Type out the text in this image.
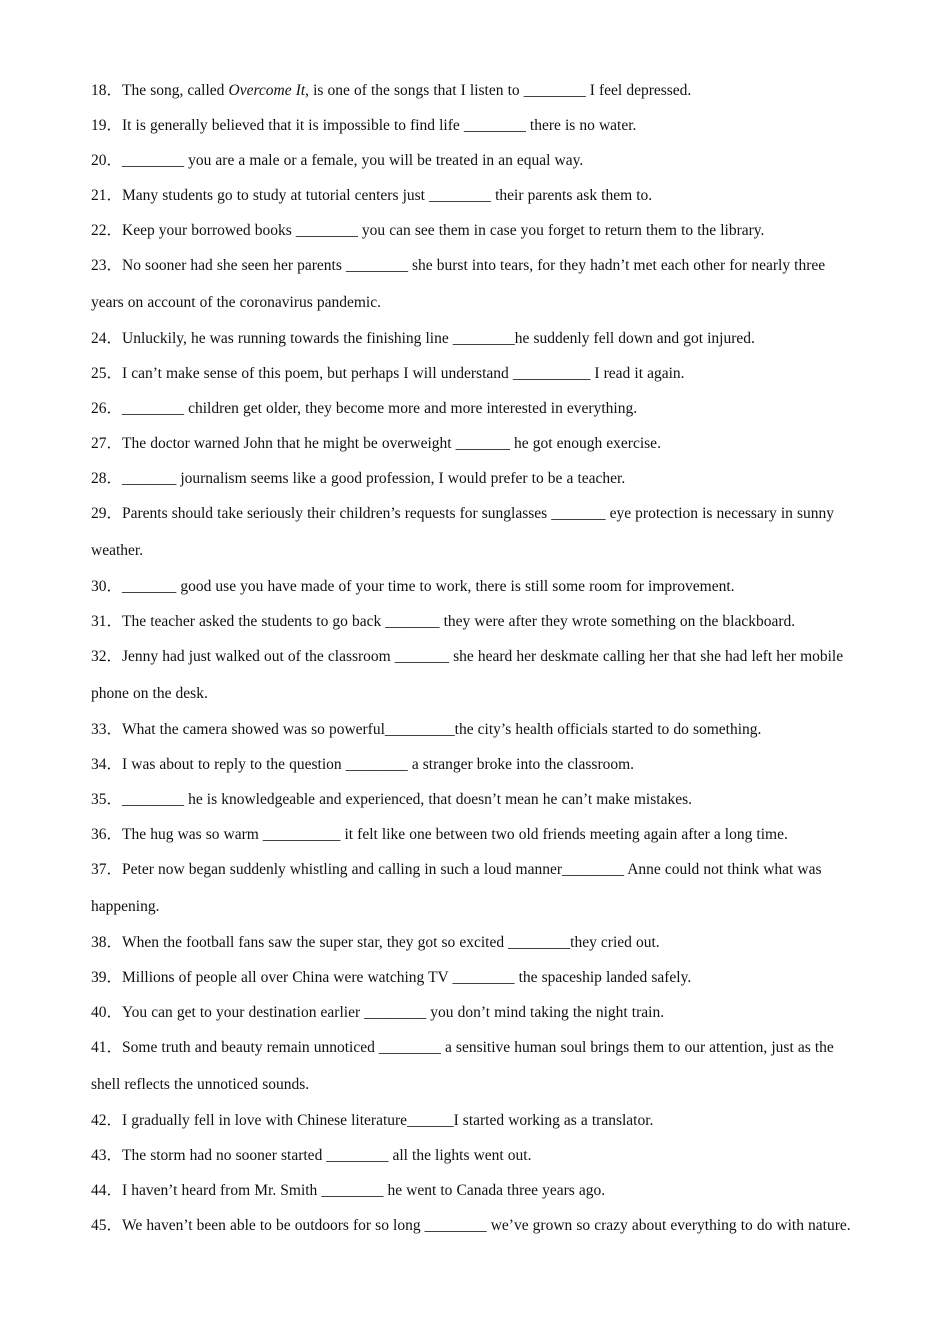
18．The song, called Overcome It, is one of the songs that I listen to ________ I feel depressed.
19．It is generally believed that it is impossible to find life ________ there is no water.
20．________ you are a male or a female, you will be treated in an equal way.
21．Many students go to study at tutorial centers just ________ their parents ask them to.
22．Keep your borrowed books ________ you can see them in case you forget to return them to the library.
23．No sooner had she seen her parents ________ she burst into tears, for they hadn’t met each other for nearly three years on account of the coronavirus pandemic.
24．Unluckily, he was running towards the finishing line ________he suddenly fell down and got injured.
25．I can’t make sense of this poem, but perhaps I will understand __________ I read it again.
26．________ children get older, they become more and more interested in everything.
27．The doctor warned John that he might be overweight _______ he got enough exercise.
28．_______ journalism seems like a good profession, I would prefer to be a teacher.
29．Parents should take seriously their children’s requests for sunglasses _______ eye protection is necessary in sunny weather.
30．_______ good use you have made of your time to work, there is still some room for improvement.
31．The teacher asked the students to go back _______ they were after they wrote something on the blackboard.
32．Jenny had just walked out of the classroom _______ she heard her deskmate calling her that she had left her mobile phone on the desk.
33．What the camera showed was so powerful_________the city’s health officials started to do something.
34．I was about to reply to the question ________ a stranger broke into the classroom.
35．________ he is knowledgeable and experienced, that doesn’t mean he can’t make mistakes.
36．The hug was so warm __________ it felt like one between two old friends meeting again after a long time.
37．Peter now began suddenly whistling and calling in such a loud manner________ Anne could not think what was happening.
38．When the football fans saw the super star, they got so excited ________they cried out.
39．Millions of people all over China were watching TV ________ the spaceship landed safely.
40．You can get to your destination earlier ________ you don’t mind taking the night train.
41．Some truth and beauty remain unnoticed ________ a sensitive human soul brings them to our attention, just as the shell reflects the unnoticed sounds.
42．I gradually fell in love with Chinese literature______I started working as a translator.
43．The storm had no sooner started ________ all the lights went out.
44．I haven’t heard from Mr. Smith ________ he went to Canada three years ago.
45．We haven’t been able to be outdoors for so long ________ we’ve grown so crazy about everything to do with nature.
